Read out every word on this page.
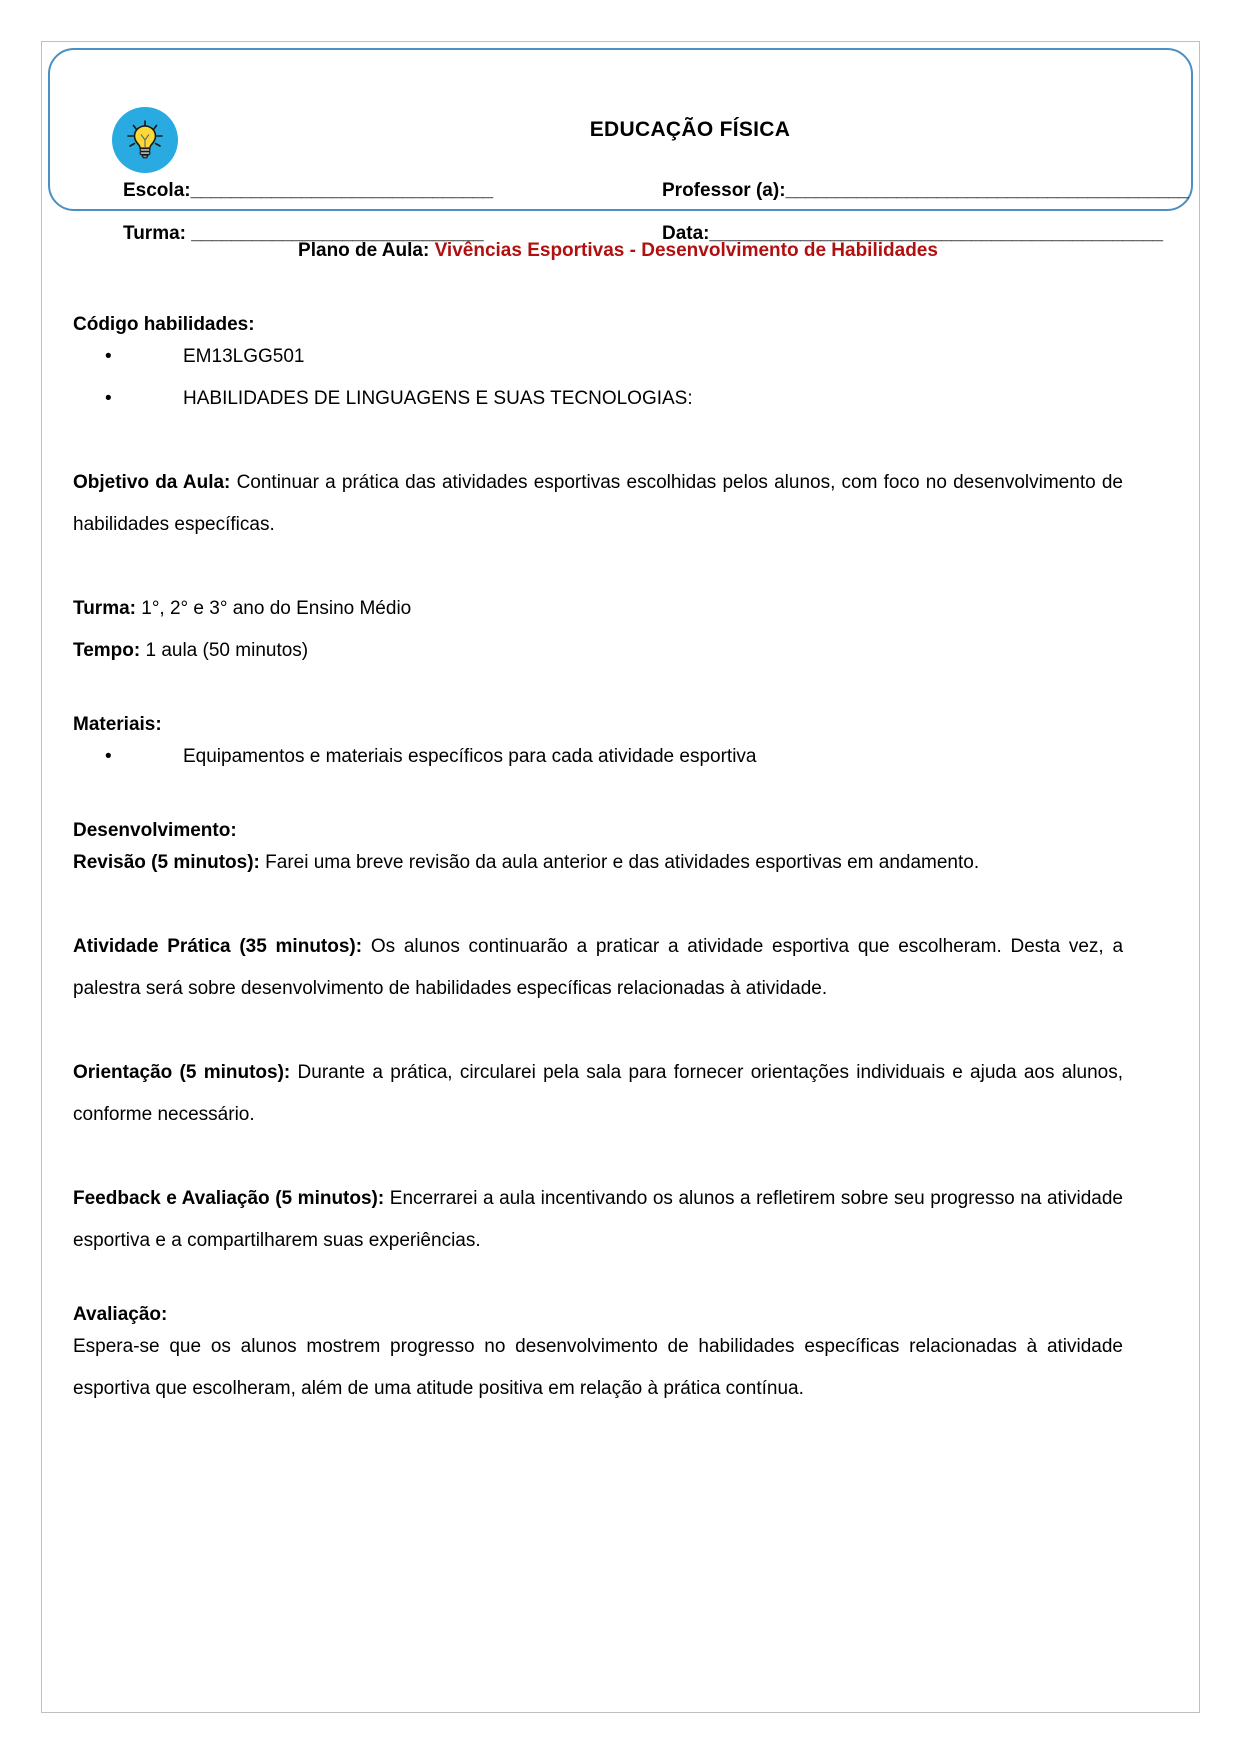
EDUCAÇÃO FÍSICA
Escola:______________________________	Professor (a):________________________________________
Turma: _____________________________	Data:_____________________________________________
Plano de Aula: Vivências Esportivas - Desenvolvimento de Habilidades
Código habilidades:
• EM13LGG501
• HABILIDADES DE LINGUAGENS E SUAS TECNOLOGIAS:

Objetivo da Aula: Continuar a prática das atividades esportivas escolhidas pelos alunos, com foco no desenvolvimento de habilidades específicas.

Turma: 1°, 2° e 3° ano do Ensino Médio

Tempo: 1 aula (50 minutos)

Materiais:
• Equipamentos e materiais específicos para cada atividade esportiva
Desenvolvimento:

Revisão (5 minutos): Farei uma breve revisão da aula anterior e das atividades esportivas em andamento.

Atividade Prática (35 minutos): Os alunos continuarão a praticar a atividade esportiva que escolheram. Desta vez, a palestra será sobre desenvolvimento de habilidades específicas relacionadas à atividade.

Orientação (5 minutos): Durante a prática, circularei pela sala para fornecer orientações individuais e ajuda aos alunos, conforme necessário.

Feedback e Avaliação (5 minutos): Encerrarei a aula incentivando os alunos a refletirem sobre seu progresso na atividade esportiva e a compartilharem suas experiências.

Avaliação:

Espera-se que os alunos mostrem progresso no desenvolvimento de habilidades específicas relacionadas à atividade esportiva que escolheram, além de uma atitude positiva em relação à prática contínua.
